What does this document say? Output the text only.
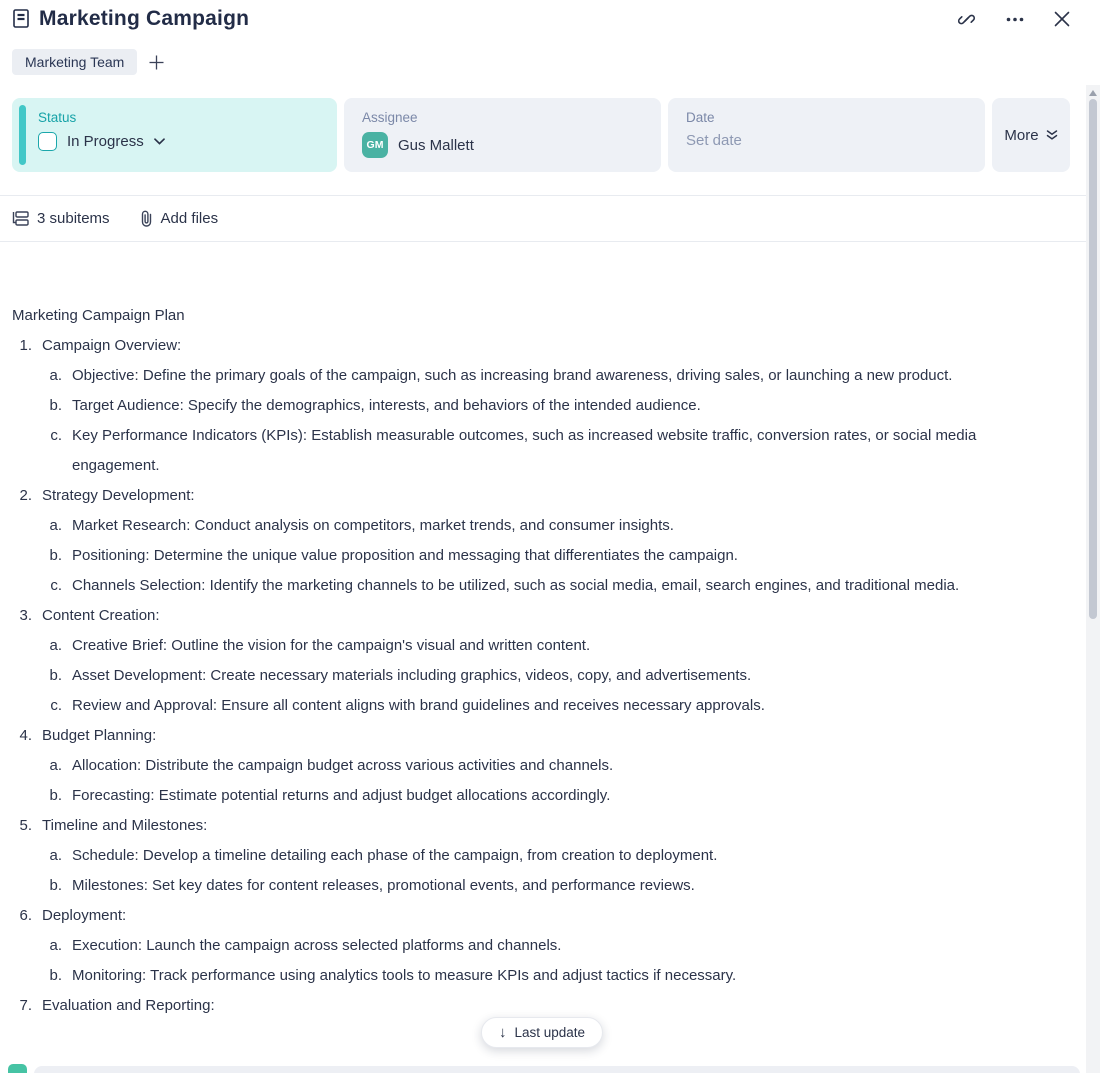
Marketing Campaign
Marketing Team
Status
In Progress
Assignee
GM Gus Mallett
Date
Set date	More
3 subitems	Add files
Marketing Campaign Plan
1. Campaign Overview:
a. Objective: Define the primary goals of the campaign, such as increasing brand awareness, driving sales, or launching a new product.
b. Target Audience: Specify the demographics, interests, and behaviors of the intended audience.
c. Key Performance Indicators (KPIs): Establish measurable outcomes, such as increased website traffic, conversion rates, or social media engagement.
2. Strategy Development:
a. Market Research: Conduct analysis on competitors, market trends, and consumer insights.
b. Positioning: Determine the unique value proposition and messaging that differentiates the campaign.
c. Channels Selection: Identify the marketing channels to be utilized, such as social media, email, search engines, and traditional media.
3. Content Creation:
a. Creative Brief: Outline the vision for the campaign's visual and written content.
b. Asset Development: Create necessary materials including graphics, videos, copy, and advertisements.
c. Review and Approval: Ensure all content aligns with brand guidelines and receives necessary approvals.
4. Budget Planning:
a. Allocation: Distribute the campaign budget across various activities and channels.
b. Forecasting: Estimate potential returns and adjust budget allocations accordingly.
5. Timeline and Milestones:
a. Schedule: Develop a timeline detailing each phase of the campaign, from creation to deployment.
b. Milestones: Set key dates for content releases, promotional events, and performance reviews.
6. Deployment:
a. Execution: Launch the campaign across selected platforms and channels.
b. Monitoring: Track performance using analytics tools to measure KPIs and adjust tactics if necessary.
7. Evaluation and Reporting:
↓ Last update
